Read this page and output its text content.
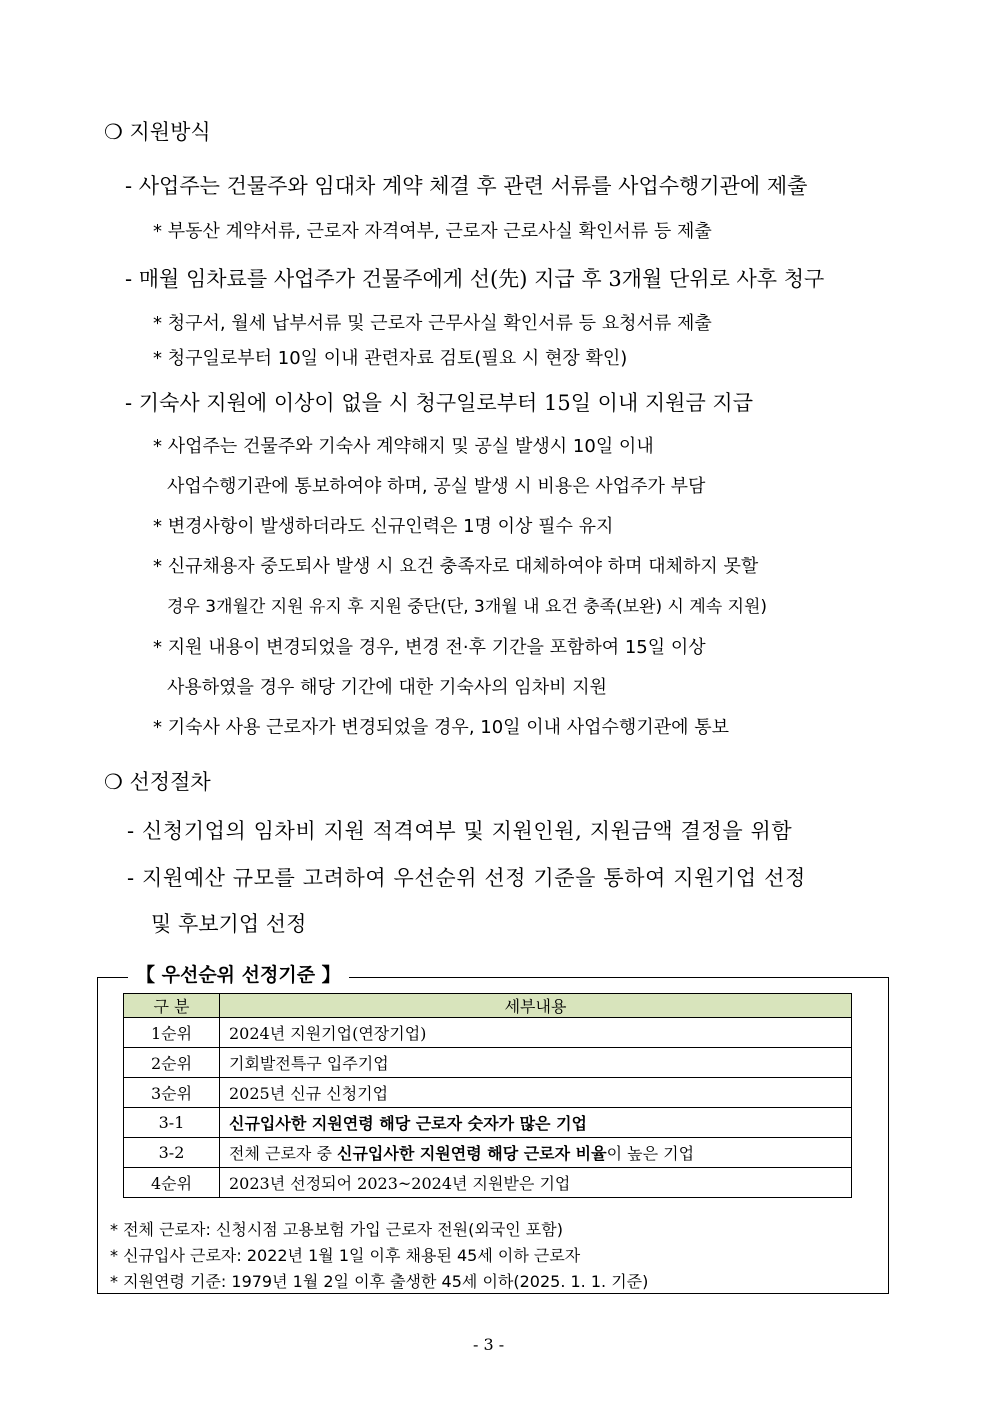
❍ 지원방식
- 사업주는 건물주와 임대차 계약 체결 후 관련 서류를 사업수행기관에 제출
* 부동산 계약서류, 근로자 자격여부, 근로자 근로사실 확인서류 등 제출
- 매월 임차료를 사업주가 건물주에게 선(先) 지급 후 3개월 단위로 사후 청구
* 청구서, 월세 납부서류 및 근로자 근무사실 확인서류 등 요청서류 제출
* 청구일로부터 10일 이내 관련자료 검토(필요 시 현장 확인)
- 기숙사 지원에 이상이 없을 시 청구일로부터 15일 이내 지원금 지급
* 사업주는 건물주와 기숙사 계약해지 및 공실 발생시 10일 이내
사업수행기관에 통보하여야 하며, 공실 발생 시 비용은 사업주가 부담
* 변경사항이 발생하더라도 신규인력은 1명 이상 필수 유지
* 신규채용자 중도퇴사 발생 시 요건 충족자로 대체하여야 하며 대체하지 못할
경우 3개월간 지원 유지 후 지원 중단(단, 3개월 내 요건 충족(보완) 시 계속 지원)
* 지원 내용이 변경되었을 경우, 변경 전·후 기간을 포함하여 15일 이상
사용하였을 경우 해당 기간에 대한 기숙사의 임차비 지원
* 기숙사 사용 근로자가 변경되었을 경우, 10일 이내 사업수행기관에 통보
❍ 선정절차
- 신청기업의 임차비 지원 적격여부 및 지원인원, 지원금액 결정을 위함
- 지원예산 규모를 고려하여 우선순위 선정 기준을 통하여 지원기업 선정
및 후보기업 선정
【 우선순위 선정기준 】
구 분	세부내용
1순위	2024년 지원기업(연장기업)
2순위	기회발전특구 입주기업
3순위	2025년 신규 신청기업
3-1	신규입사한 지원연령 해당 근로자 숫자가 많은 기업
3-2	전체 근로자 중 신규입사한 지원연령 해당 근로자 비율이 높은 기업
4순위	2023년 선정되어 2023~2024년 지원받은 기업
* 전체 근로자: 신청시점 고용보험 가입 근로자 전원(외국인 포함)
* 신규입사 근로자: 2022년 1월 1일 이후 채용된 45세 이하 근로자
* 지원연령 기준: 1979년 1월 2일 이후 출생한 45세 이하(2025. 1. 1. 기준)
- 3 -
